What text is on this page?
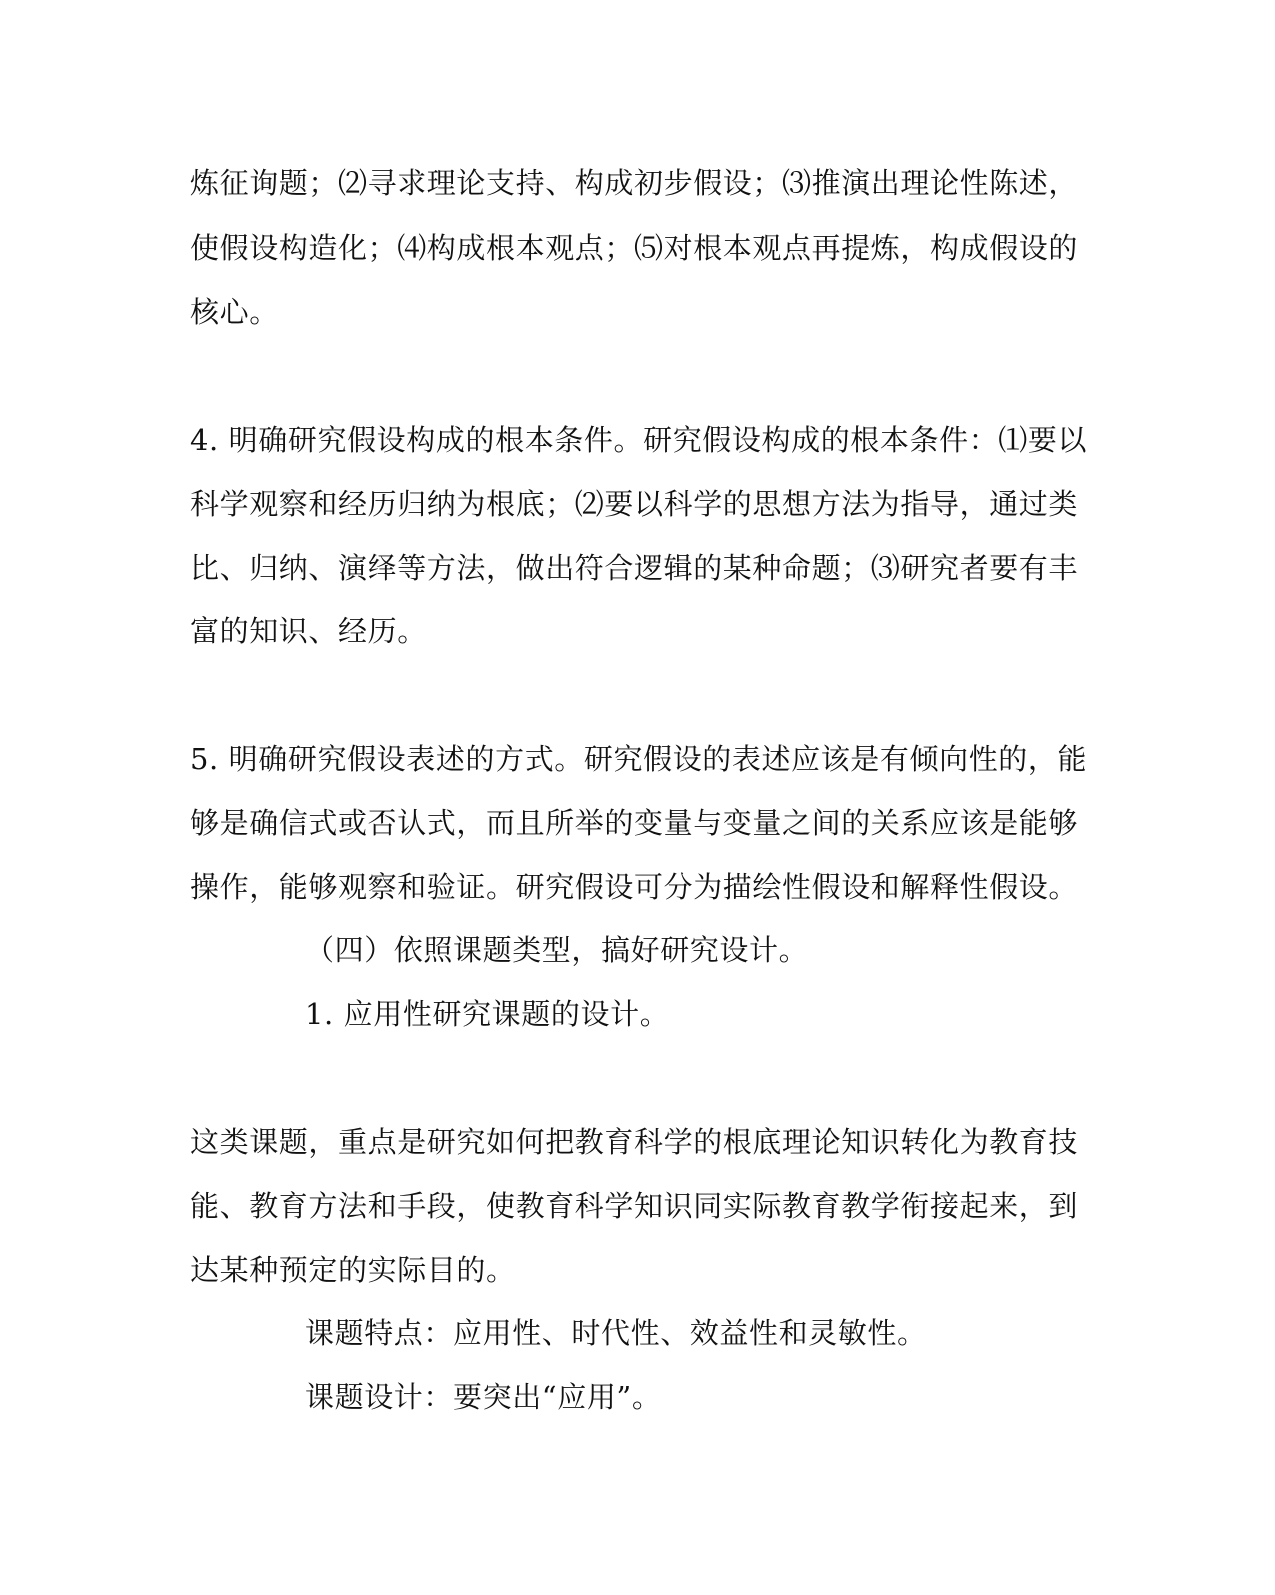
炼征询题；⑵寻求理论支持、构成初步假设；⑶推演出理论性陈述，
使假设构造化；⑷构成根本观点；⑸对根本观点再提炼，构成假设的
核心。
4. 明确研究假设构成的根本条件。研究假设构成的根本条件：⑴要以
科学观察和经历归纳为根底；⑵要以科学的思想方法为指导，通过类
比、归纳、演绎等方法，做出符合逻辑的某种命题；⑶研究者要有丰
富的知识、经历。
5. 明确研究假设表述的方式。研究假设的表述应该是有倾向性的，能
够是确信式或否认式，而且所举的变量与变量之间的关系应该是能够
操作，能够观察和验证。研究假设可分为描绘性假设和解释性假设。
（四）依照课题类型，搞好研究设计。
1. 应用性研究课题的设计。
这类课题，重点是研究如何把教育科学的根底理论知识转化为教育技
能、教育方法和手段，使教育科学知识同实际教育教学衔接起来，到
达某种预定的实际目的。
课题特点：应用性、时代性、效益性和灵敏性。
课题设计：要突出“应用”。
